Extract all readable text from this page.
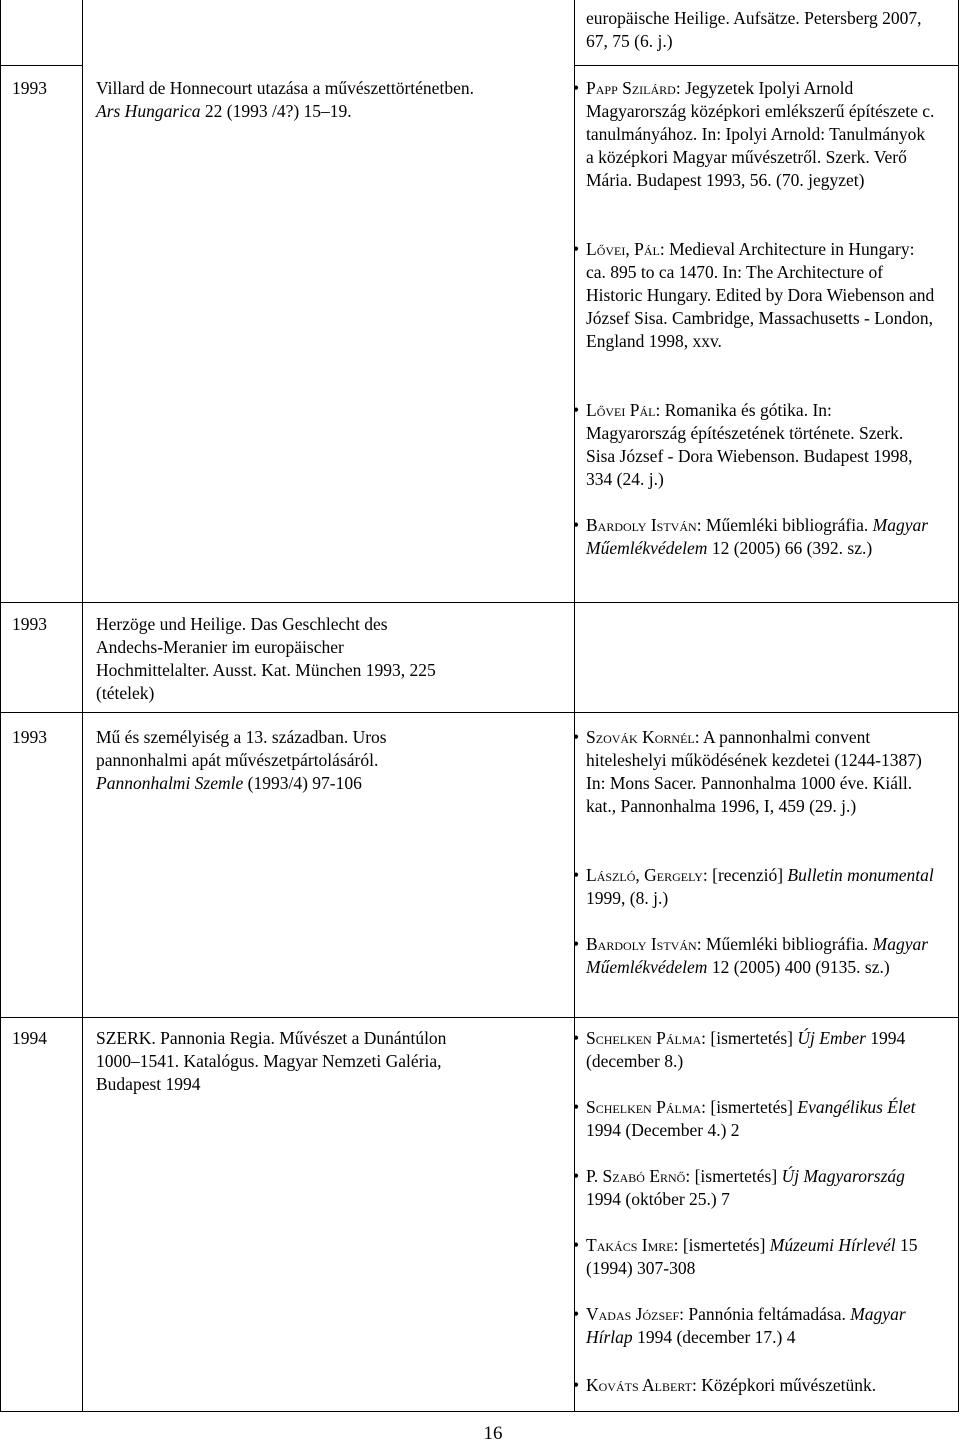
europäische Heilige. Aufsätze. Petersberg 2007, 67, 75 (6. j.)
1993	Villard de Honnecourt utazása a művészettörténetben. Ars Hungarica 22 (1993 /4?) 15–19.
• Papp Szilárd: Jegyzetek Ipolyi Arnold Magyarország középkori emlékszerű építészete c. tanulmányához. In: Ipolyi Arnold: Tanulmányok a középkori Magyar művészetről. Szerk. Verő Mária. Budapest 1993, 56. (70. jegyzet)
• Lővei, Pál: Medieval Architecture in Hungary: ca. 895 to ca 1470. In: The Architecture of Historic Hungary. Edited by Dora Wiebenson and József Sisa. Cambridge, Massachusetts - London, England 1998, xxv.
• Lővei Pál: Romanika és gótika. In: Magyarország építészetének története. Szerk. Sisa József - Dora Wiebenson. Budapest 1998, 334 (24. j.)
• Bardoly István: Műemléki bibliográfia. Magyar Műemlékvédelem 12 (2005) 66 (392. sz.)
1993	Herzöge und Heilige. Das Geschlecht des Andechs-Meranier im europäischer Hochmittelalter. Ausst. Kat. München 1993, 225 (tételek)
1993	Mű és személyiség a 13. században. Uros pannonhalmi apát művészetpártolásáról. Pannonhalmi Szemle (1993/4) 97-106
• Szovák Kornél: A pannonhalmi convent hiteleshelyi működésének kezdetei (1244-1387) In: Mons Sacer. Pannonhalma 1000 éve. Kiáll. kat., Pannonhalma 1996, I, 459 (29. j.)
• László, Gergely: [recenzió] Bulletin monumental 1999, (8. j.)
• Bardoly István: Műemléki bibliográfia. Magyar Műemlékvédelem 12 (2005) 400 (9135. sz.)
1994	SZERK. Pannonia Regia. Művészet a Dunántúlon 1000–1541. Katalógus. Magyar Nemzeti Galéria, Budapest 1994
• Schelken Pálma: [ismertetés] Új Ember 1994 (december 8.)
• Schelken Pálma: [ismertetés] Evangélikus Élet 1994 (December 4.) 2
• P. Szabó Ernő: [ismertetés] Új Magyarország 1994 (október 25.) 7
• Takács Imre: [ismertetés] Múzeumi Hírlevél 15 (1994) 307-308
• Vadas József: Pannónia feltámadása. Magyar Hírlap 1994 (december 17.) 4
• Kováts Albert: Középkori művészetünk.
16
